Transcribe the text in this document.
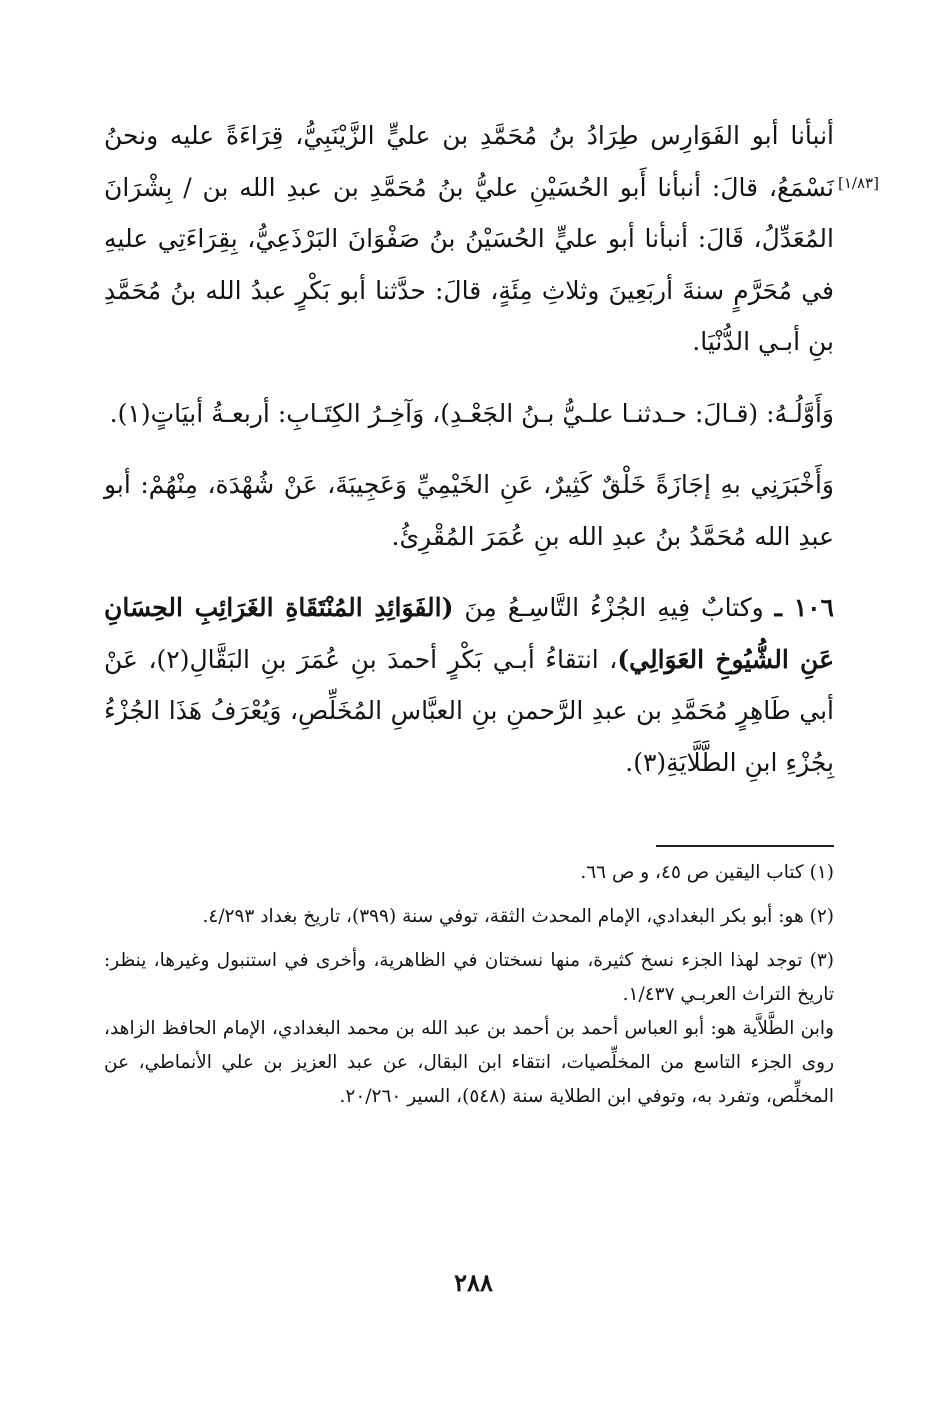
[١/٨٣]

أنبأنا أبو الفَوَارِس طِرَادُ بنُ مُحَمَّدِ بن عليٍّ الزَّيْنَبِيُّ، قِرَاءَةً عليه ونحنُ نَسْمَعُ، قالَ: أنبأنا أَبو الحُسَيْنِ عليُّ بنُ مُحَمَّدِ بن عبدِ الله بن / بِشْرَانَ المُعَدِّلُ، قَالَ: أنبأنا أبو عليٍّ الحُسَيْنُ بنُ صَفْوَانَ البَرْذَعِيُّ، بِقِرَاءَتِي عليهِ في مُحَرَّمٍ سنةَ أربَعِينَ وثلاثِ مِئَةٍ، قالَ: حدَّثنا أبو بَكْرٍ عبدُ الله بنُ مُحَمَّدِ بنِ أبـي الدُّنْيَا.

وَأَوَّلُـهُ: (قـالَ: حـدثنـا علـيُّ بـنُ الجَعْـدِ)، وَآخِـرُ الكِتَـابِ: أربعـةُ أبيَاتٍ(١).

وَأَخْبَرَنِي بهِ إجَازَةً خَلْقٌ كَثِيرٌ، عَنِ الخَيْمِيِّ وَعَجِيبَةَ، عَنْ شُهْدَة، مِنْهُمْ: أبو عبدِ الله مُحَمَّدُ بنُ عبدِ الله بنِ عُمَرَ المُقْرِئُ.

١٠٦ ـ وكتابٌ فِيهِ الجُزْءُ التَّاسِـعُ مِنَ (الفَوَائِدِ المُنْتَقَاةِ الغَرَائِبِ الحِسَانِ عَنِ الشُّيُوخِ العَوَالِي)، انتقاءُ أبـي بَكْرٍ أحمدَ بنِ عُمَرَ بنِ البَقَّالِ(٢)، عَنْ أبي طَاهِرٍ مُحَمَّدِ بن عبدِ الرَّحمنِ بنِ العبَّاسِ المُخَلِّصِ، وَيُعْرَفُ هَذَا الجُزْءُ بِجُزْءِ ابنِ الطَّلَّايَةِ(٣).

(١) كتاب اليقين ص ٤٥، و ص ٦٦.

(٢) هو: أبو بكر البغدادي، الإمام المحدث الثقة، توفي سنة (٣٩٩)، تاريخ بغداد ٤/٢٩٣.

(٣) توجد لهذا الجزء نسخ كثيرة، منها نسختان في الظاهرية، وأخرى في استنبول وغيرها، ينظر: تاريخ التراث العربـي ١/٤٣٧.

وابن الطَّلاَّية هو: أبو العباس أحمد بن أحمد بن عبد الله بن محمد البغدادي، الإمام الحافظ الزاهد، روى الجزء التاسع من المخلِّصيات، انتقاء ابن البقال، عن عبد العزيز بن علي الأنماطي، عن المخلِّص، وتفرد به، وتوفي ابن الطلاية سنة (٥٤٨)، السير ٢٠/٢٦٠.

٢٨٨
